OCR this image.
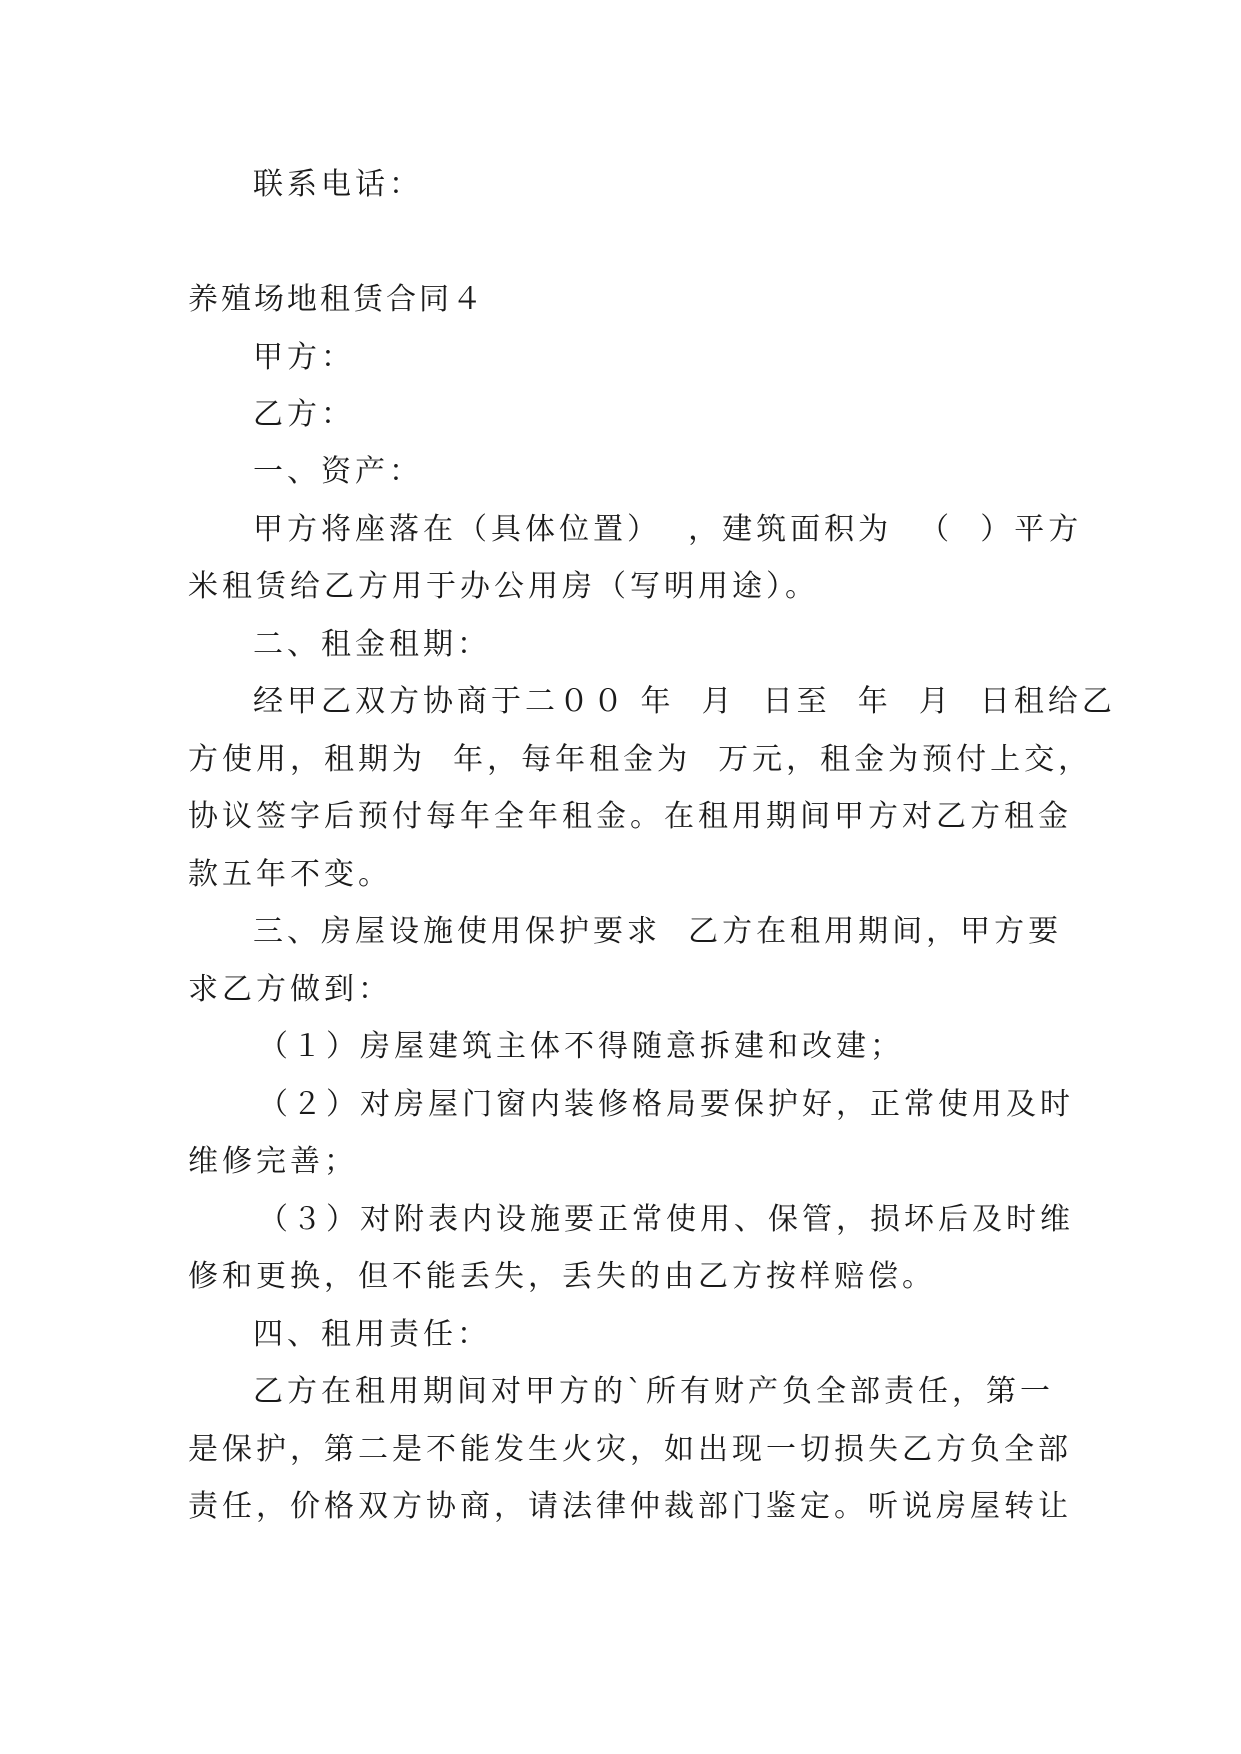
联系电话：

养殖场地租赁合同４

甲方：

乙方：

一、资产：

甲方将座落在（具体位置）  ，建筑面积为  （  ）平方

米租赁给乙方用于办公用房（写明用途）。

二、租金租期：

经甲乙双方协商于二００ 年  月  日至  年  月  日租给乙

方使用，租期为  年，每年租金为  万元，租金为预付上交，

协议签字后预付每年全年租金。在租用期间甲方对乙方租金

款五年不变。

三、房屋设施使用保护要求  乙方在租用期间，甲方要

求乙方做到：

（１）房屋建筑主体不得随意拆建和改建；

（２）对房屋门窗内装修格局要保护好，正常使用及时

维修完善；

（３）对附表内设施要正常使用、保管，损坏后及时维

修和更换，但不能丢失，丢失的由乙方按样赔偿。

四、租用责任：

乙方在租用期间对甲方的`所有财产负全部责任，第一

是保护，第二是不能发生火灾，如出现一切损失乙方负全部

责任，价格双方协商，请法律仲裁部门鉴定。听说房屋转让
